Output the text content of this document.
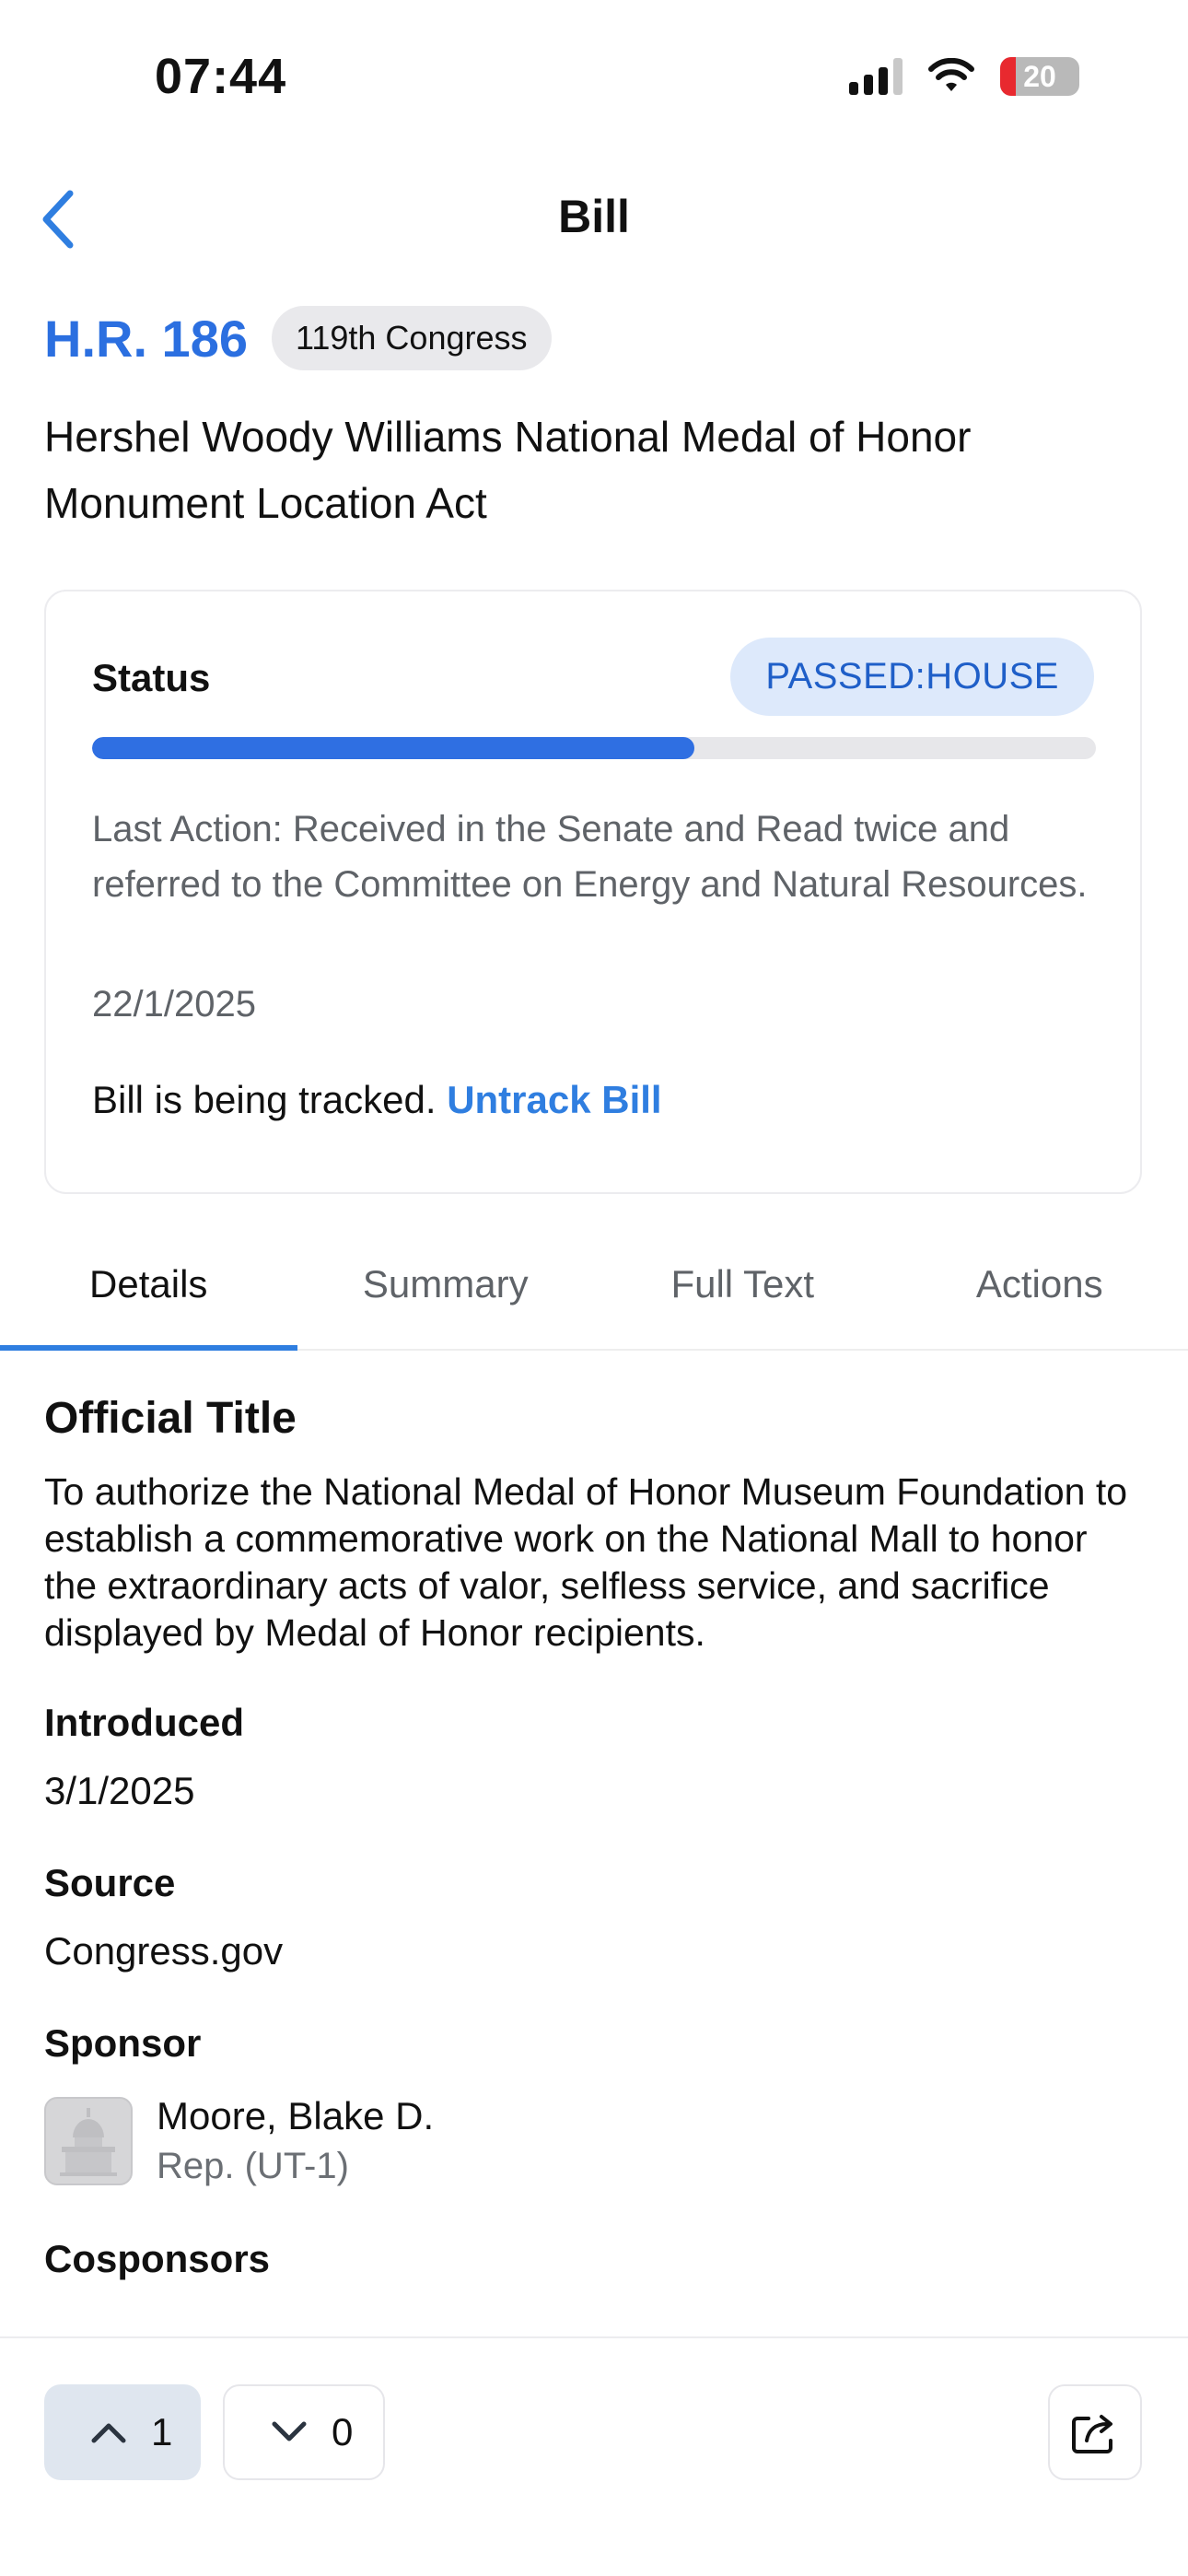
07:44	20
Bill
H.R. 186	119th Congress
Hershel Woody Williams National Medal of Honor Monument Location Act
Status	PASSED:HOUSE
Last Action: Received in the Senate and Read twice and referred to the Committee on Energy and Natural Resources.
22/1/2025
Bill is being tracked. Untrack Bill
Details	Summary	Full Text	Actions
Official Title
To authorize the National Medal of Honor Museum Foundation to establish a commemorative work on the National Mall to honor the extraordinary acts of valor, selfless service, and sacrifice displayed by Medal of Honor recipients.
Introduced
3/1/2025
Source
Congress.gov
Sponsor
Moore, Blake D.
Rep. (UT-1)
Cosponsors
1	0
